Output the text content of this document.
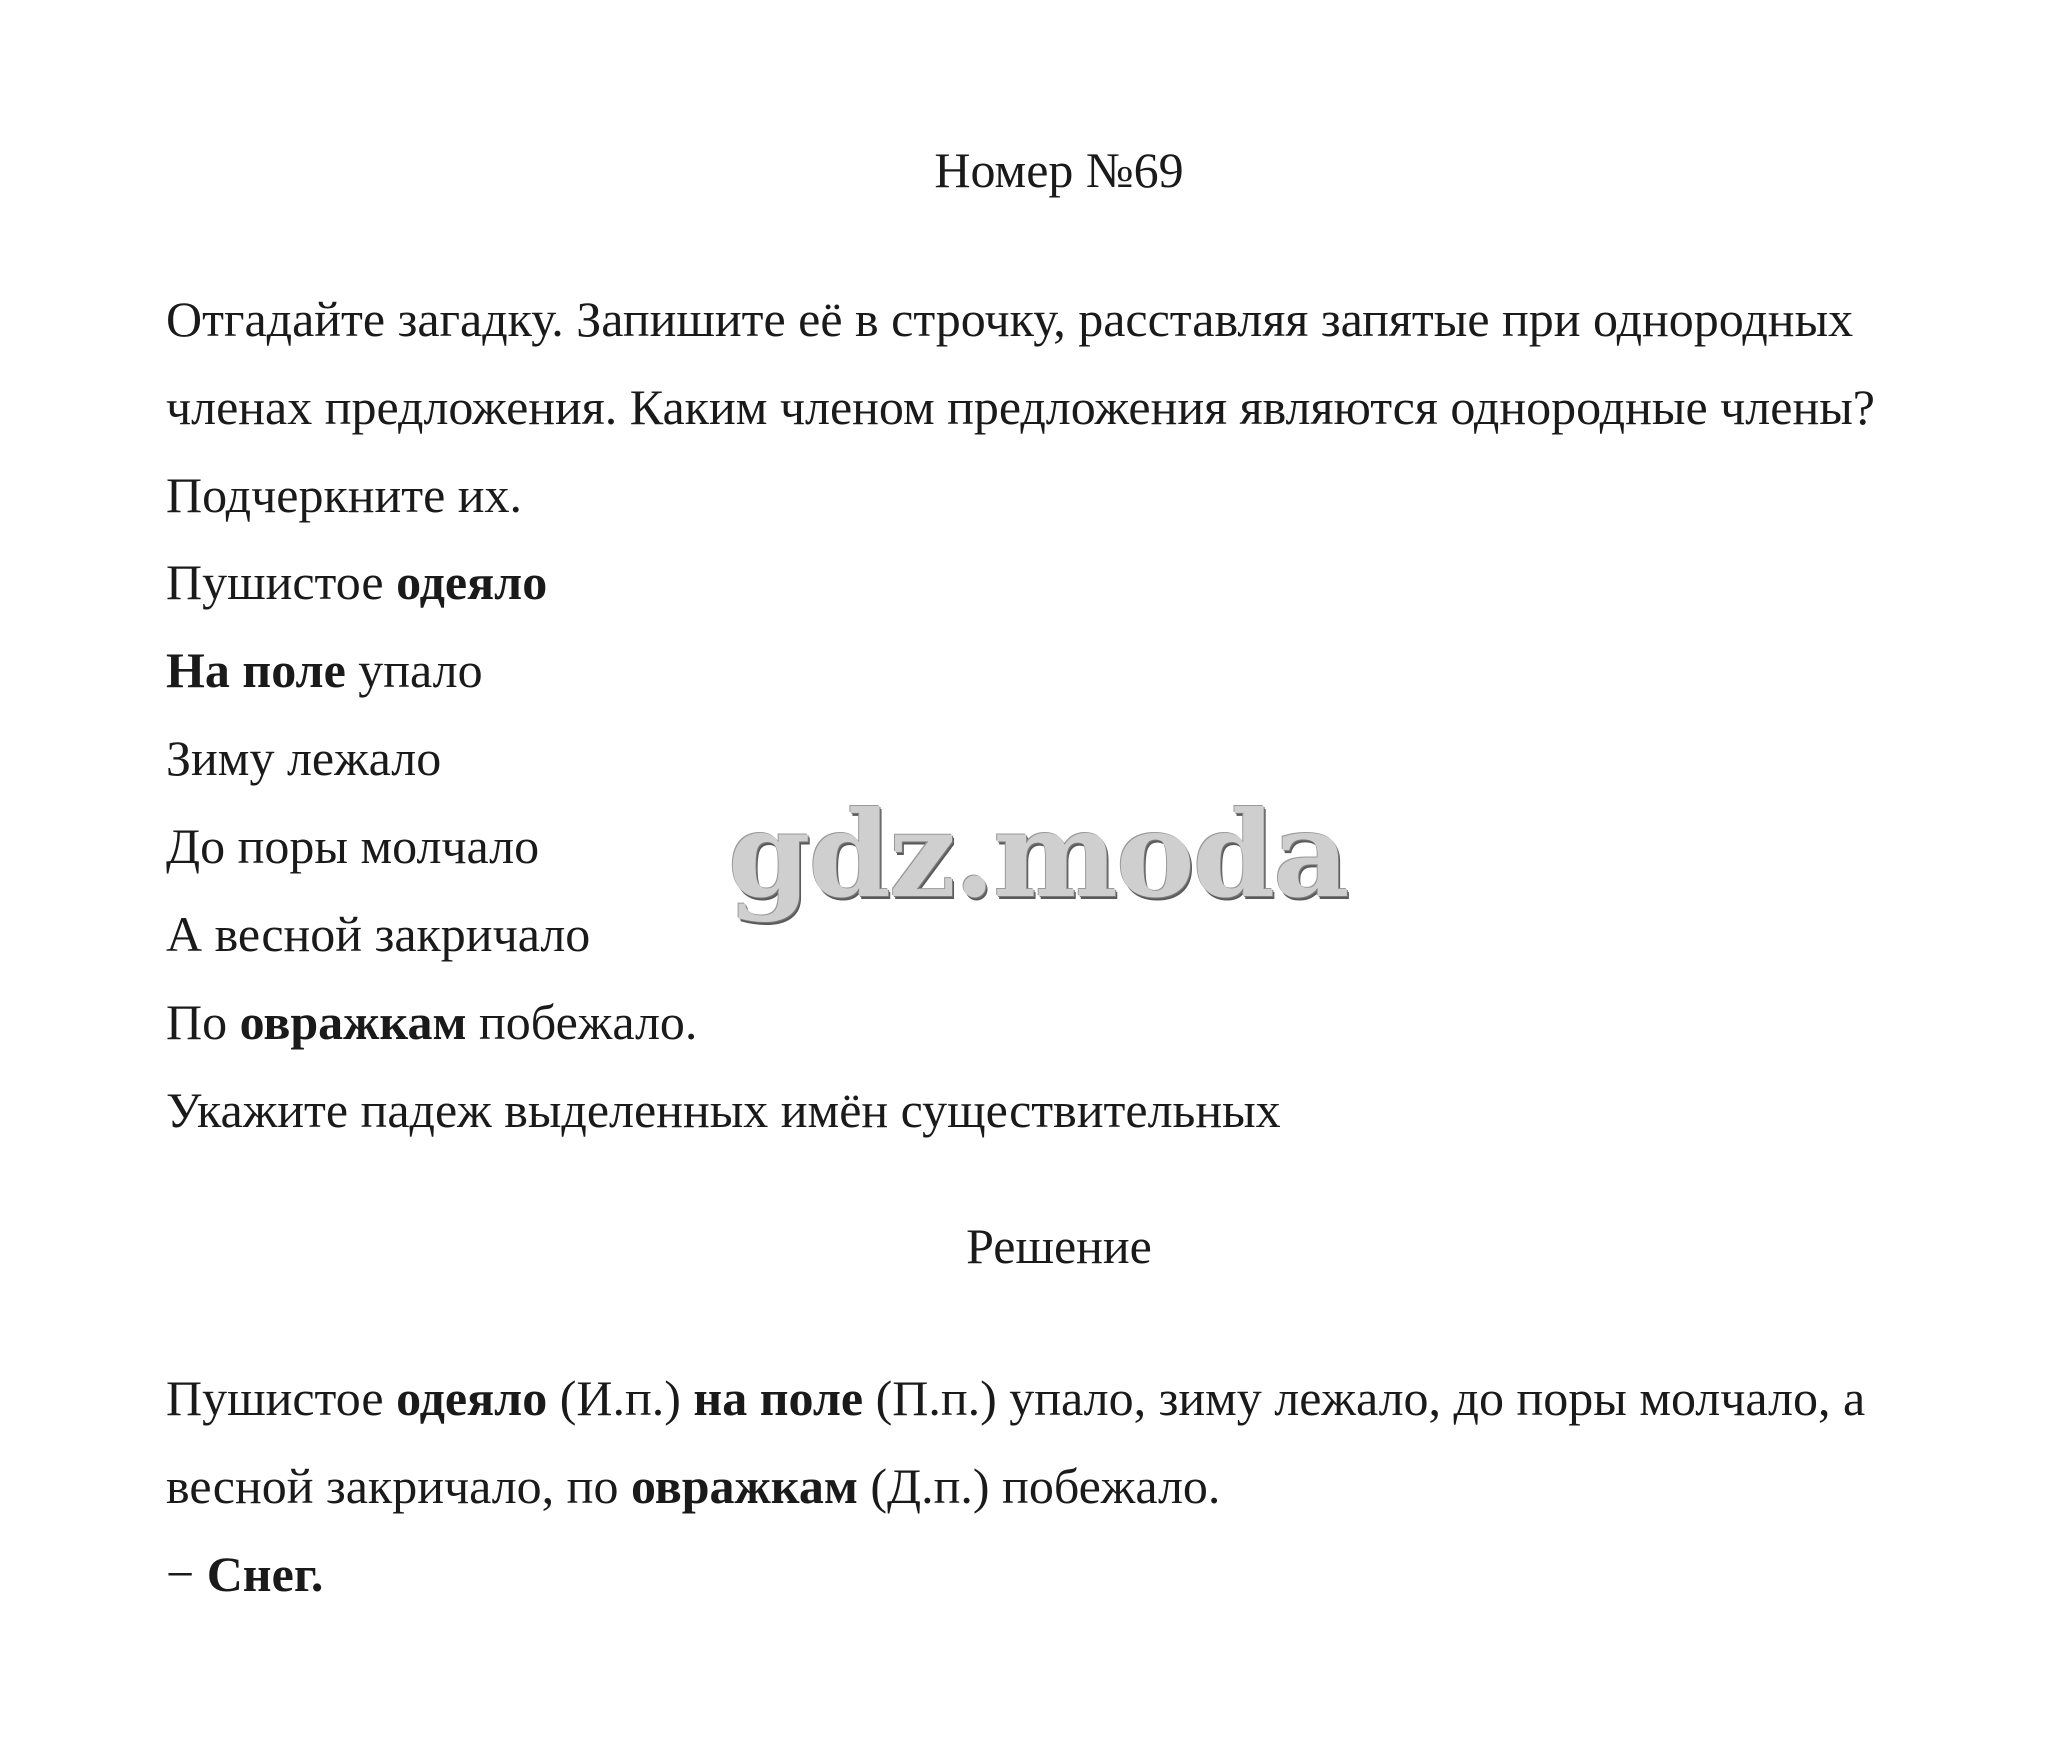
Номер №69
Отгадайте загадку. Запишите её в строчку, расставляя запятые при однородных членах предложения. Каким членом предложения являются однородные члены? Подчеркните их.
Пушистое одеяло
На поле упало
Зиму лежало
До поры молчало
А весной закричало
По овражкам побежало.
Укажите падеж выделенных имён существительных
gdz.moda
Решение
Пушистое одеяло (И.п.) на поле (П.п.) упало, зиму лежало, до поры молчало, а весной закричало, по овражкам (Д.п.) побежало.
− Снег.
